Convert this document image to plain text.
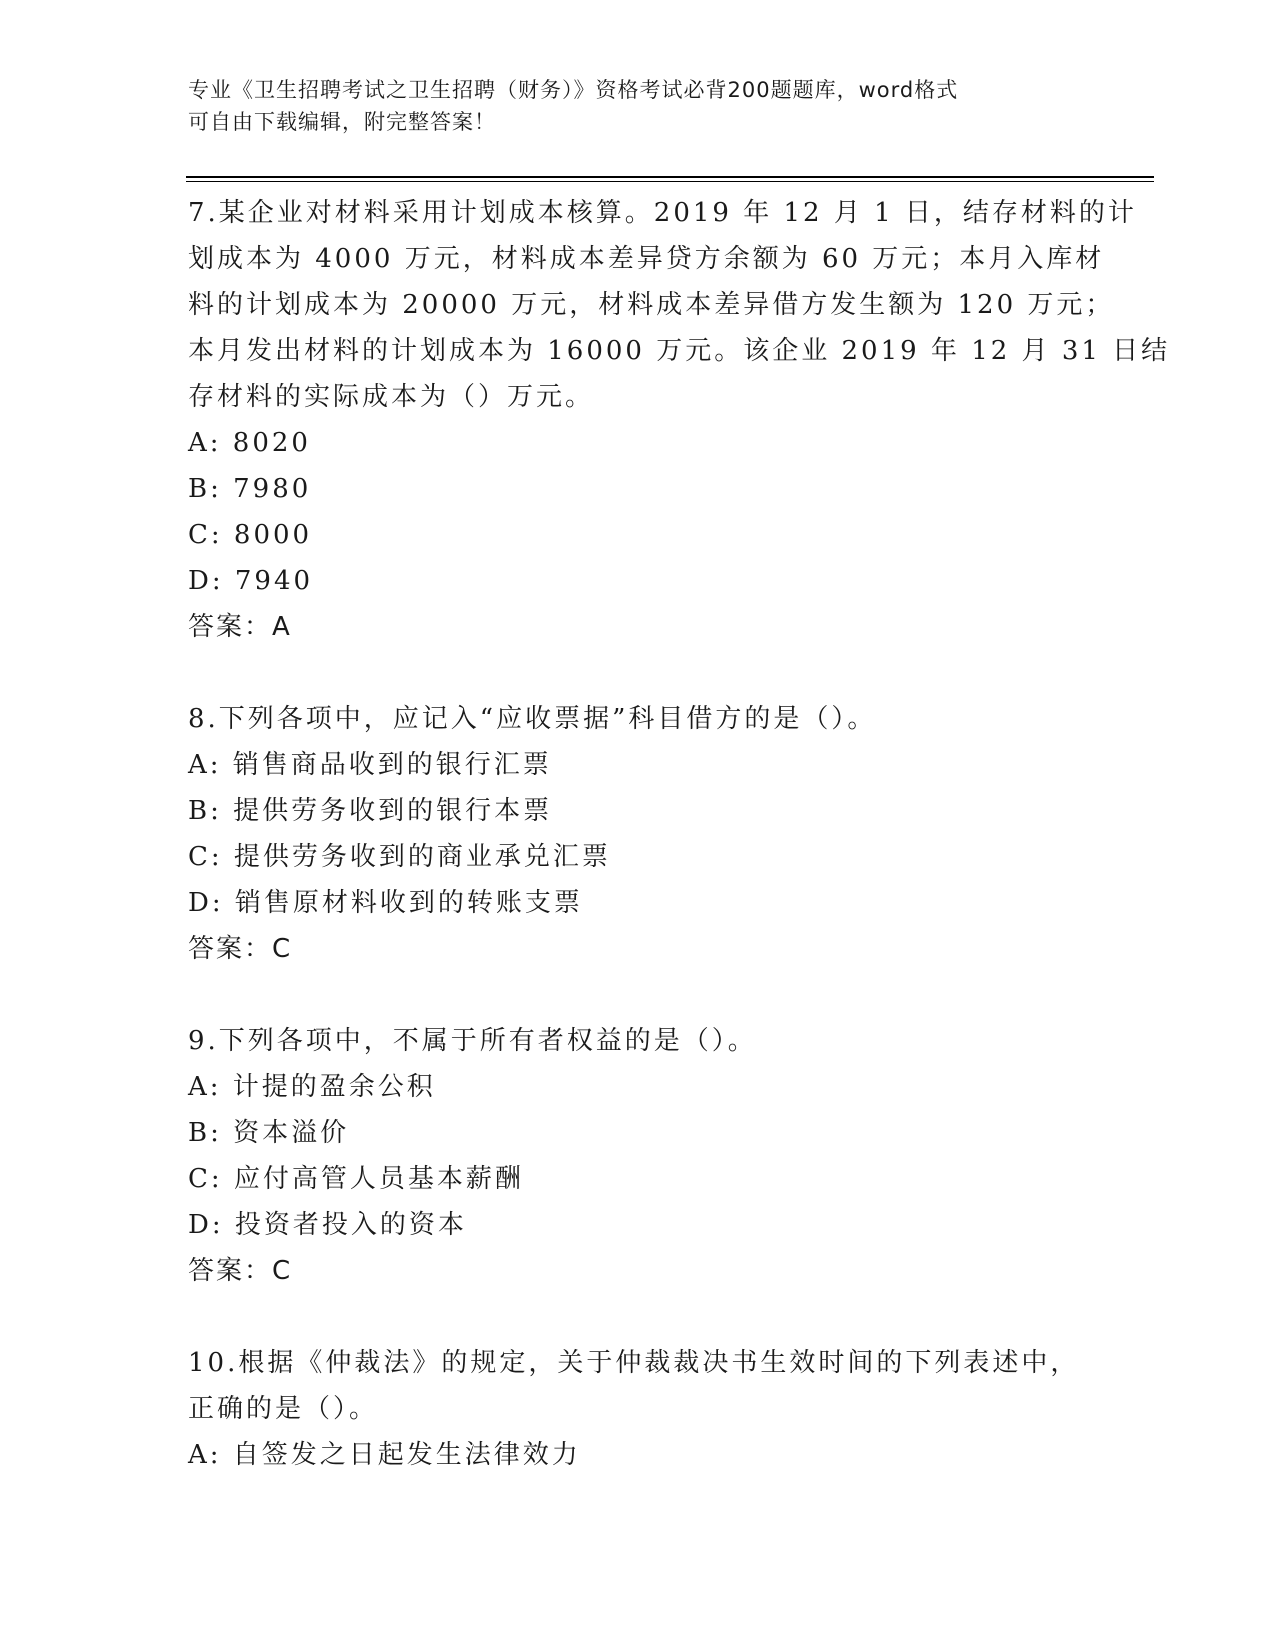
专业《卫生招聘考试之卫生招聘（财务）》资格考试必背200题题库，word格式
可自由下载编辑，附完整答案！
7.某企业对材料采用计划成本核算。2019 年 12 月 1 日，结存材料的计
划成本为 4000 万元，材料成本差异贷方余额为 60 万元；本月入库材
料的计划成本为 20000 万元，材料成本差异借方发生额为 120 万元；
本月发出材料的计划成本为 16000 万元。该企业 2019 年 12 月 31 日结
存材料的实际成本为（）万元。
A: 8020
B: 7980
C: 8000
D: 7940
答案：A
8.下列各项中，应记入“应收票据”科目借方的是（）。
A: 销售商品收到的银行汇票
B: 提供劳务收到的银行本票
C: 提供劳务收到的商业承兑汇票
D: 销售原材料收到的转账支票
答案：C
9.下列各项中，不属于所有者权益的是（）。
A: 计提的盈余公积
B: 资本溢价
C: 应付高管人员基本薪酬
D: 投资者投入的资本
答案：C
10.根据《仲裁法》的规定，关于仲裁裁决书生效时间的下列表述中，
正确的是（）。
A: 自签发之日起发生法律效力
